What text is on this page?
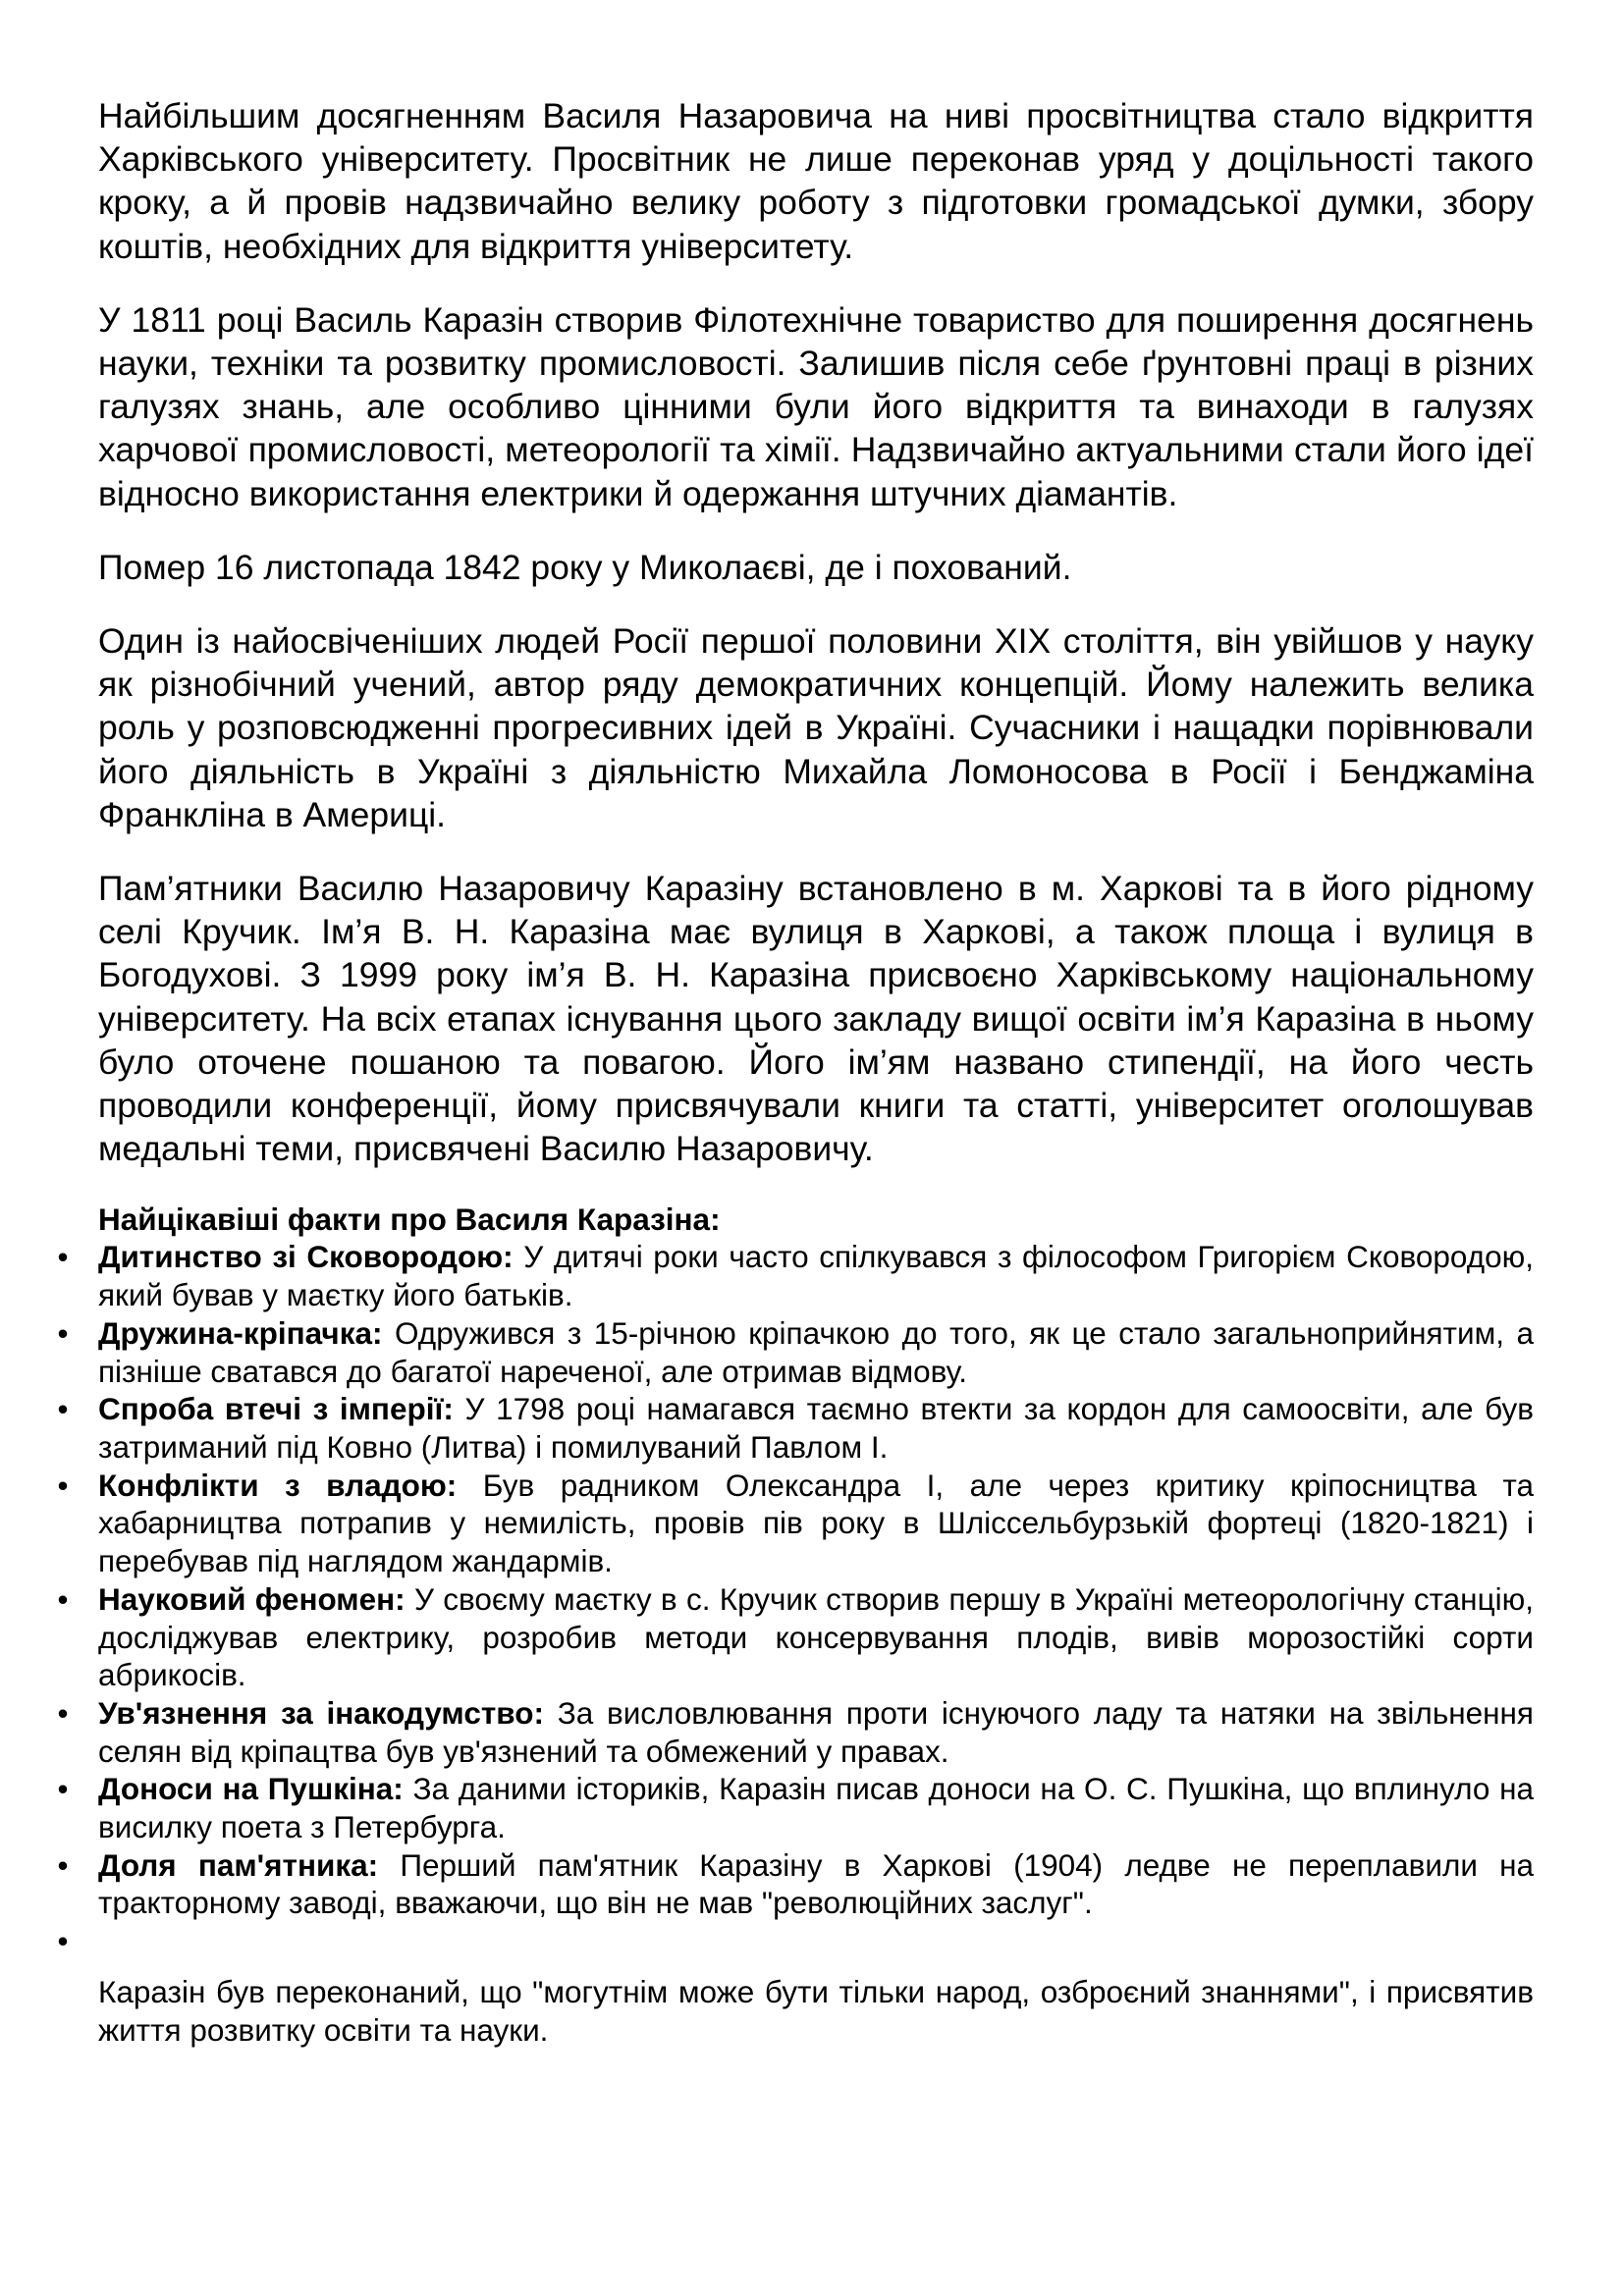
Найбільшим досягненням Василя Назаровича на ниві просвітництва стало відкриття Харківського університету. Просвітник не лише переконав уряд у доцільності такого кроку, а й провів надзвичайно велику роботу з підготовки громадської думки, збору коштів, необхідних для відкриття університету.

У 1811 році Василь Каразін створив Філотехнічне товариство для поширення досягнень науки, техніки та розвитку промисловості. Залишив після себе ґрунтовні праці в різних галузях знань, але особливо цінними були його відкриття та винаходи в галузях харчової промисловості, метеорології та хімії. Надзвичайно актуальними стали його ідеї відносно використання електрики й одержання штучних діамантів.

Помер 16 листопада 1842 року у Миколаєві, де і похований.

Один із найосвіченіших людей Росії першої половини XIX століття, він увійшов у науку як різнобічний учений, автор ряду демократичних концепцій. Йому належить велика роль у розповсюдженні прогресивних ідей в Україні. Сучасники і нащадки порівнювали його діяльність в Україні з діяльністю Михайла Ломоносова в Росії і Бенджаміна Франкліна в Америці.

Пам’ятники Василю Назаровичу Каразіну встановлено в м. Харкові та в його рідному селі Кручик. Ім’я В. Н. Каразіна має вулиця в Харкові, а також площа і вулиця в Богодухові. З 1999 року ім’я В. Н. Каразіна присвоєно Харківському національному університету. На всіх етапах існування цього закладу вищої освіти ім’я Каразіна в ньому було оточене пошаною та повагою. Його ім’ям названо стипендії, на його честь проводили конференції, йому присвячували книги та статті, університет оголошував медальні теми, присвячені Василю Назаровичу.

Найцікавіші факти про Василя Каразіна:
• Дитинство зі Сковородою: У дитячі роки часто спілкувався з філософом Григорієм Сковородою, який бував у маєтку його батьків.
• Дружина-кріпачка: Одружився з 15-річною кріпачкою до того, як це стало загальноприйнятим, а пізніше сватався до багатої нареченої, але отримав відмову.
• Спроба втечі з імперії: У 1798 році намагався таємно втекти за кордон для самоосвіти, але був затриманий під Ковно (Литва) і помилуваний Павлом І.
• Конфлікти з владою: Був радником Олександра І, але через критику кріпосництва та хабарництва потрапив у немилість, провів пів року в Шліссельбурзькій фортеці (1820-1821) і перебував під наглядом жандармів.
• Науковий феномен: У своєму маєтку в с. Кручик створив першу в Україні метеорологічну станцію, досліджував електрику, розробив методи консервування плодів, вивів морозостійкі сорти абрикосів.
• Ув'язнення за інакодумство: За висловлювання проти існуючого ладу та натяки на звільнення селян від кріпацтва був ув'язнений та обмежений у правах.
• Доноси на Пушкіна: За даними істориків, Каразін писав доноси на О. С. Пушкіна, що вплинуло на висилку поета з Петербурга.
• Доля пам'ятника: Перший пам'ятник Каразіну в Харкові (1904) ледве не переплавили на тракторному заводі, вважаючи, що він не мав "революційних заслуг".
•

Каразін був переконаний, що "могутнім може бути тільки народ, озброєний знаннями", і присвятив життя розвитку освіти та науки.
